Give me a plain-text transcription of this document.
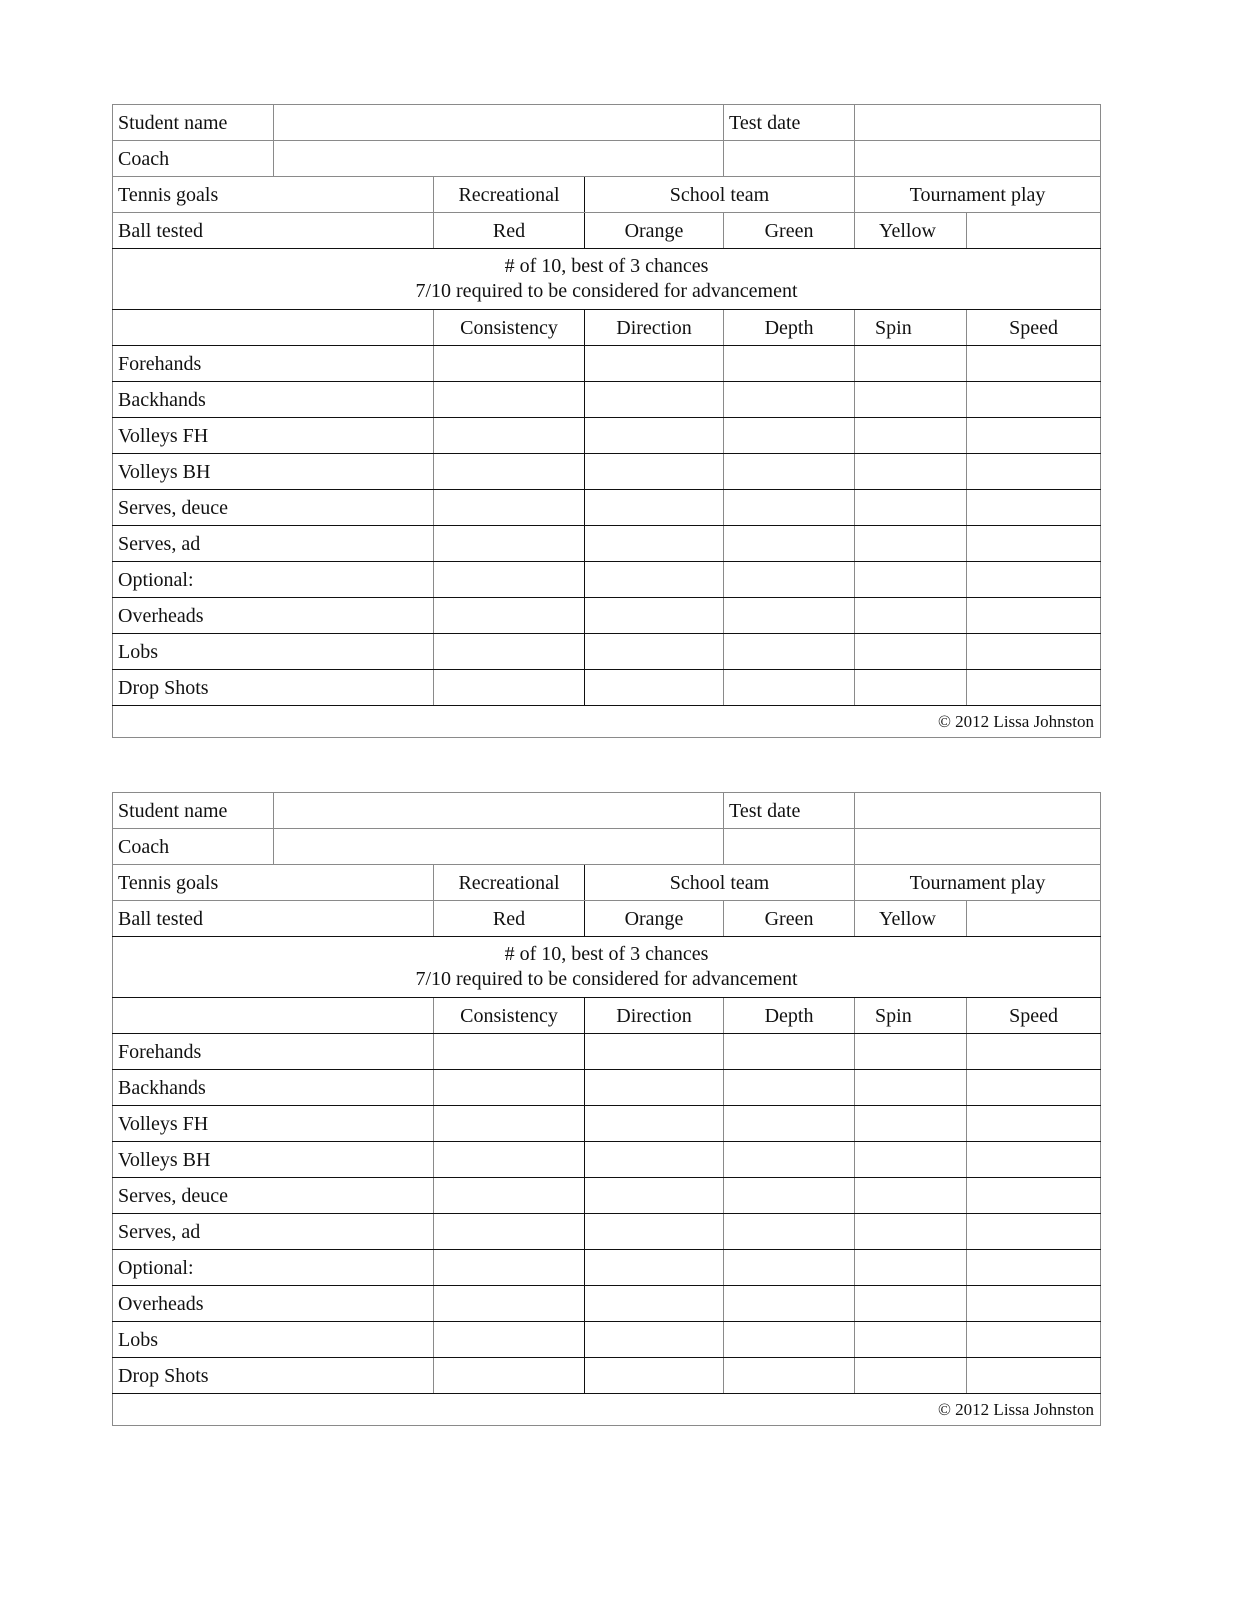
Student name				Test date		
Coach						
Tennis goals		Recreational	School team		Tournament play	
Ball tested		Red	Orange	Green	Yellow	

# of 10, best of 3 chances
7/10 required to be considered for advancement						

		Consistency	Direction	Depth	Spin	Speed
Forehands						
Backhands						
Volleys FH						
Volleys BH						
Serves, deuce						
Serves, ad						
Optional:						
Overheads						
Lobs						
Drop Shots						
© 2012 Lissa Johnston						
Student name				Test date		
Coach						
Tennis goals		Recreational	School team		Tournament play	
Ball tested		Red	Orange	Green	Yellow	

# of 10, best of 3 chances
7/10 required to be considered for advancement						

		Consistency	Direction	Depth	Spin	Speed
Forehands						
Backhands						
Volleys FH						
Volleys BH						
Serves, deuce						
Serves, ad						
Optional:						
Overheads						
Lobs						
Drop Shots						
© 2012 Lissa Johnston						
